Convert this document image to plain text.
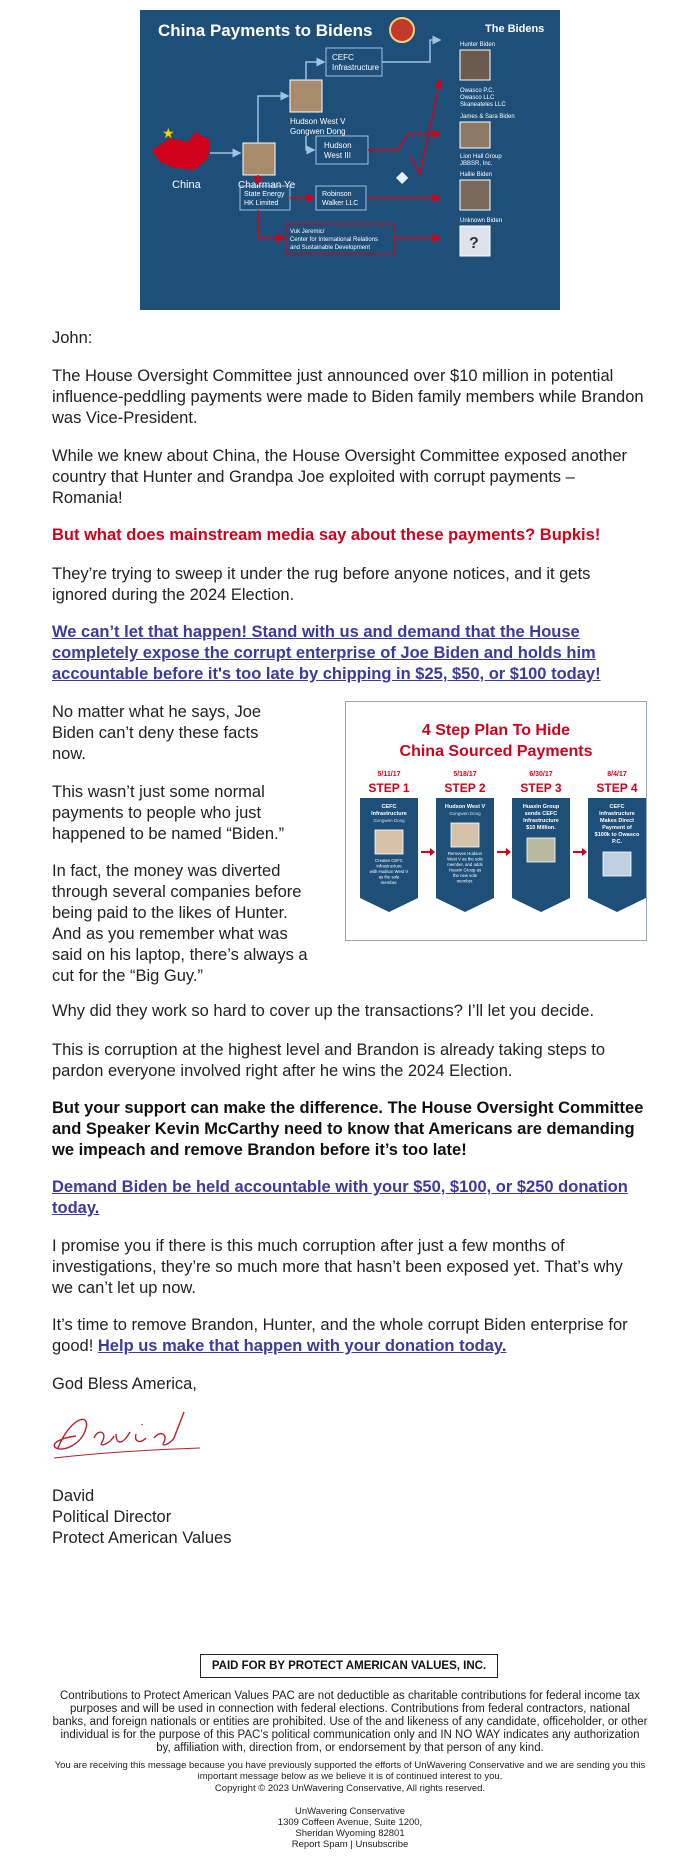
China Payments to Bidens	The Bidens
★
China	Chairman Ye
Hudson West V
Gongwen Dong
CEFC
Infrastructure
Hudson
West III
State Energy
HK Limited
Robinson
Walker LLC
Vuk Jeremic/
Center for International Relations
and Sustainable Development
◆
Hunter Biden
Owasco P.C.
Owasco LLC
Skaneateles LLC
James & Sara Biden
Lion Hall Group
JBBSR, Inc.
Hallie Biden
Unknown Biden
?

John:

The House Oversight Committee just announced over $10 million in potential influence-peddling payments were made to Biden family members while Brandon was Vice-President.

While we knew about China, the House Oversight Committee exposed another country that Hunter and Grandpa Joe exploited with corrupt payments – Romania!

But what does mainstream media say about these payments? Bupkis!

They’re trying to sweep it under the rug before anyone notices, and it gets ignored during the 2024 Election.

We can’t let that happen! Stand with us and demand that the House completely expose the corrupt enterprise of Joe Biden and holds him accountable before it's too late by chipping in $25, $50, or $100 today!

No matter what he says, Joe Biden can’t deny these facts now.

This wasn’t just some normal payments to people who just happened to be named “Biden.”

In fact, the money was diverted through several companies before being paid to the likes of Hunter. And as you remember what was said on his laptop, there’s always a cut for the “Big Guy.”

4 Step Plan To Hide
China Sourced Payments
5/11/17
STEP 1
CEFC
Infrastructure
Gongwen Dong
Creates CEFC
Infrastructure
with Hudson West V
as the sole
member.
5/18/17
STEP 2
Hudson West V
Gongwen Dong
Removes Hudson
West V as the sole
member, and adds
Huaxin Group as
the new sole
member.
6/30/17
STEP 3
Huaxin Group
sends CEFC
Infrastructure
$10 Million.
8/4/17
STEP 4
CEFC
Infrastructure
Makes Direct
Payment of
$100k to Owasco
P.C.

Why did they work so hard to cover up the transactions? I’ll let you decide.

This is corruption at the highest level and Brandon is already taking steps to pardon everyone involved right after he wins the 2024 Election.

But your support can make the difference. The House Oversight Committee and Speaker Kevin McCarthy need to know that Americans are demanding we impeach and remove Brandon before it’s too late!

Demand Biden be held accountable with your $50, $100, or $250 donation today.

I promise you if there is this much corruption after just a few months of investigations, they’re so much more that hasn’t been exposed yet. That’s why we can’t let up now.

It’s time to remove Brandon, Hunter, and the whole corrupt Biden enterprise for good! Help us make that happen with your donation today.

God Bless America,

David

Political Director

Protect American Values

PAID FOR BY PROTECT AMERICAN VALUES, INC.
Contributions to Protect American Values PAC are not deductible as charitable contributions for federal income tax purposes and will be used in connection with federal elections. Contributions from federal contractors, national banks, and foreign nationals or entities are prohibited. Use of the and likeness of any candidate, officeholder, or other individual is for the purpose of this PAC’s political communication only and IN NO WAY indicates any authorization by, affiliation with, direction from, or endorsement by that person of any kind.
You are receiving this message because you have previously supported the efforts of UnWavering Conservative and we are sending you this important message below as we believe it is of continued interest to you.
Copyright © 2023 UnWavering Conservative, All rights reserved.
UnWavering Conservative
1309 Coffeen Avenue, Suite 1200,
Sheridan Wyoming 82801
Report Spam | Unsubscribe
